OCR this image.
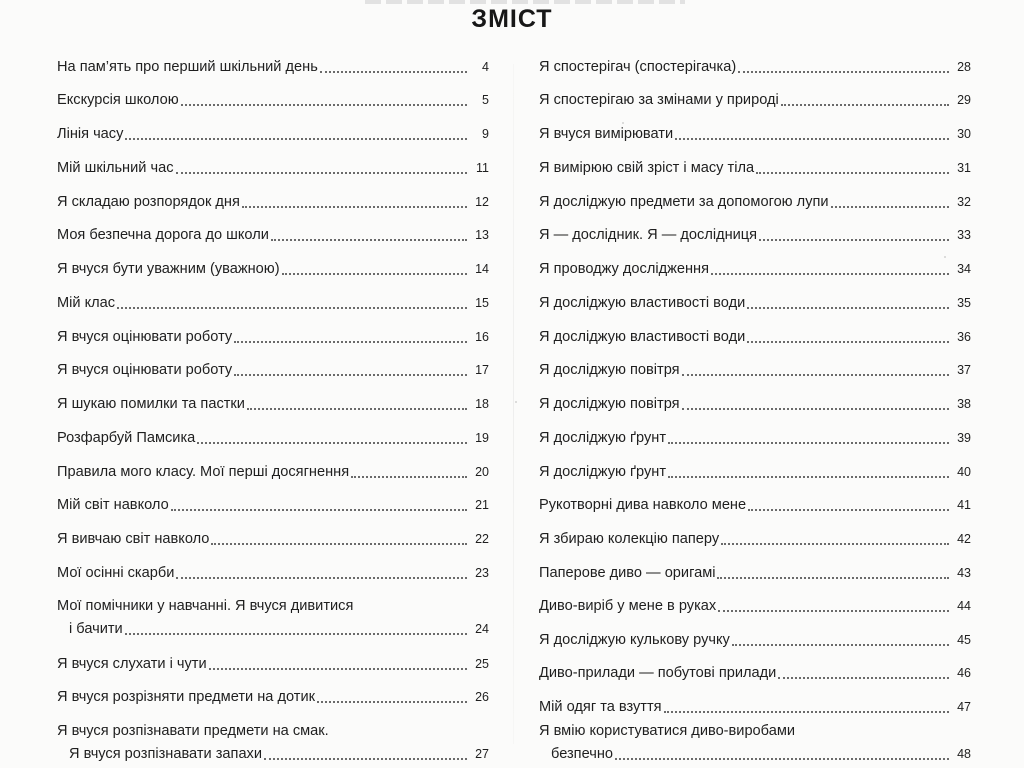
ЗМІСТ
На пам’ять про перший шкільний день	4
Екскурсія школою	5
Лінія часу	9
Мій шкільний час	11
Я складаю розпорядок дня	12
Моя безпечна дорога до школи	13
Я вчуся бути уважним (уважною)	14
Мій клас	15
Я вчуся оцінювати роботу	16
Я вчуся оцінювати роботу	17
Я шукаю помилки та пастки	18
Розфарбуй Памсика	19
Правила мого класу. Мої перші досягнення	20
Мій світ навколо	21
Я вивчаю світ навколо	22
Мої осінні скарби	23
Мої помічники у навчанні. Я вчуся дивитися
і бачити	24
Я вчуся слухати і чути	25
Я вчуся розрізняти предмети на дотик	26
Я вчуся розпізнавати предмети на смак.
Я вчуся розпізнавати запахи	27
Я спостерігач (спостерігачка)	28
Я спостерігаю за змінами у природі	29
Я вчуся вимірювати	30
Я вимірюю свій зріст і масу тіла	31
Я досліджую предмети за допомогою лупи	32
Я — дослідник. Я — дослідниця	33
Я проводжу дослідження	34
Я досліджую властивості води	35
Я досліджую властивості води	36
Я досліджую повітря	37
Я досліджую повітря	38
Я досліджую ґрунт	39
Я досліджую ґрунт	40
Рукотворні дива навколо мене	41
Я збираю колекцію паперу	42
Паперове диво — оригамі	43
Диво-виріб у мене в руках	44
Я досліджую кулькову ручку	45
Диво-прилади — побутові прилади	46
Мій одяг та взуття	47
Я вмію користуватися диво-виробами
безпечно	48
